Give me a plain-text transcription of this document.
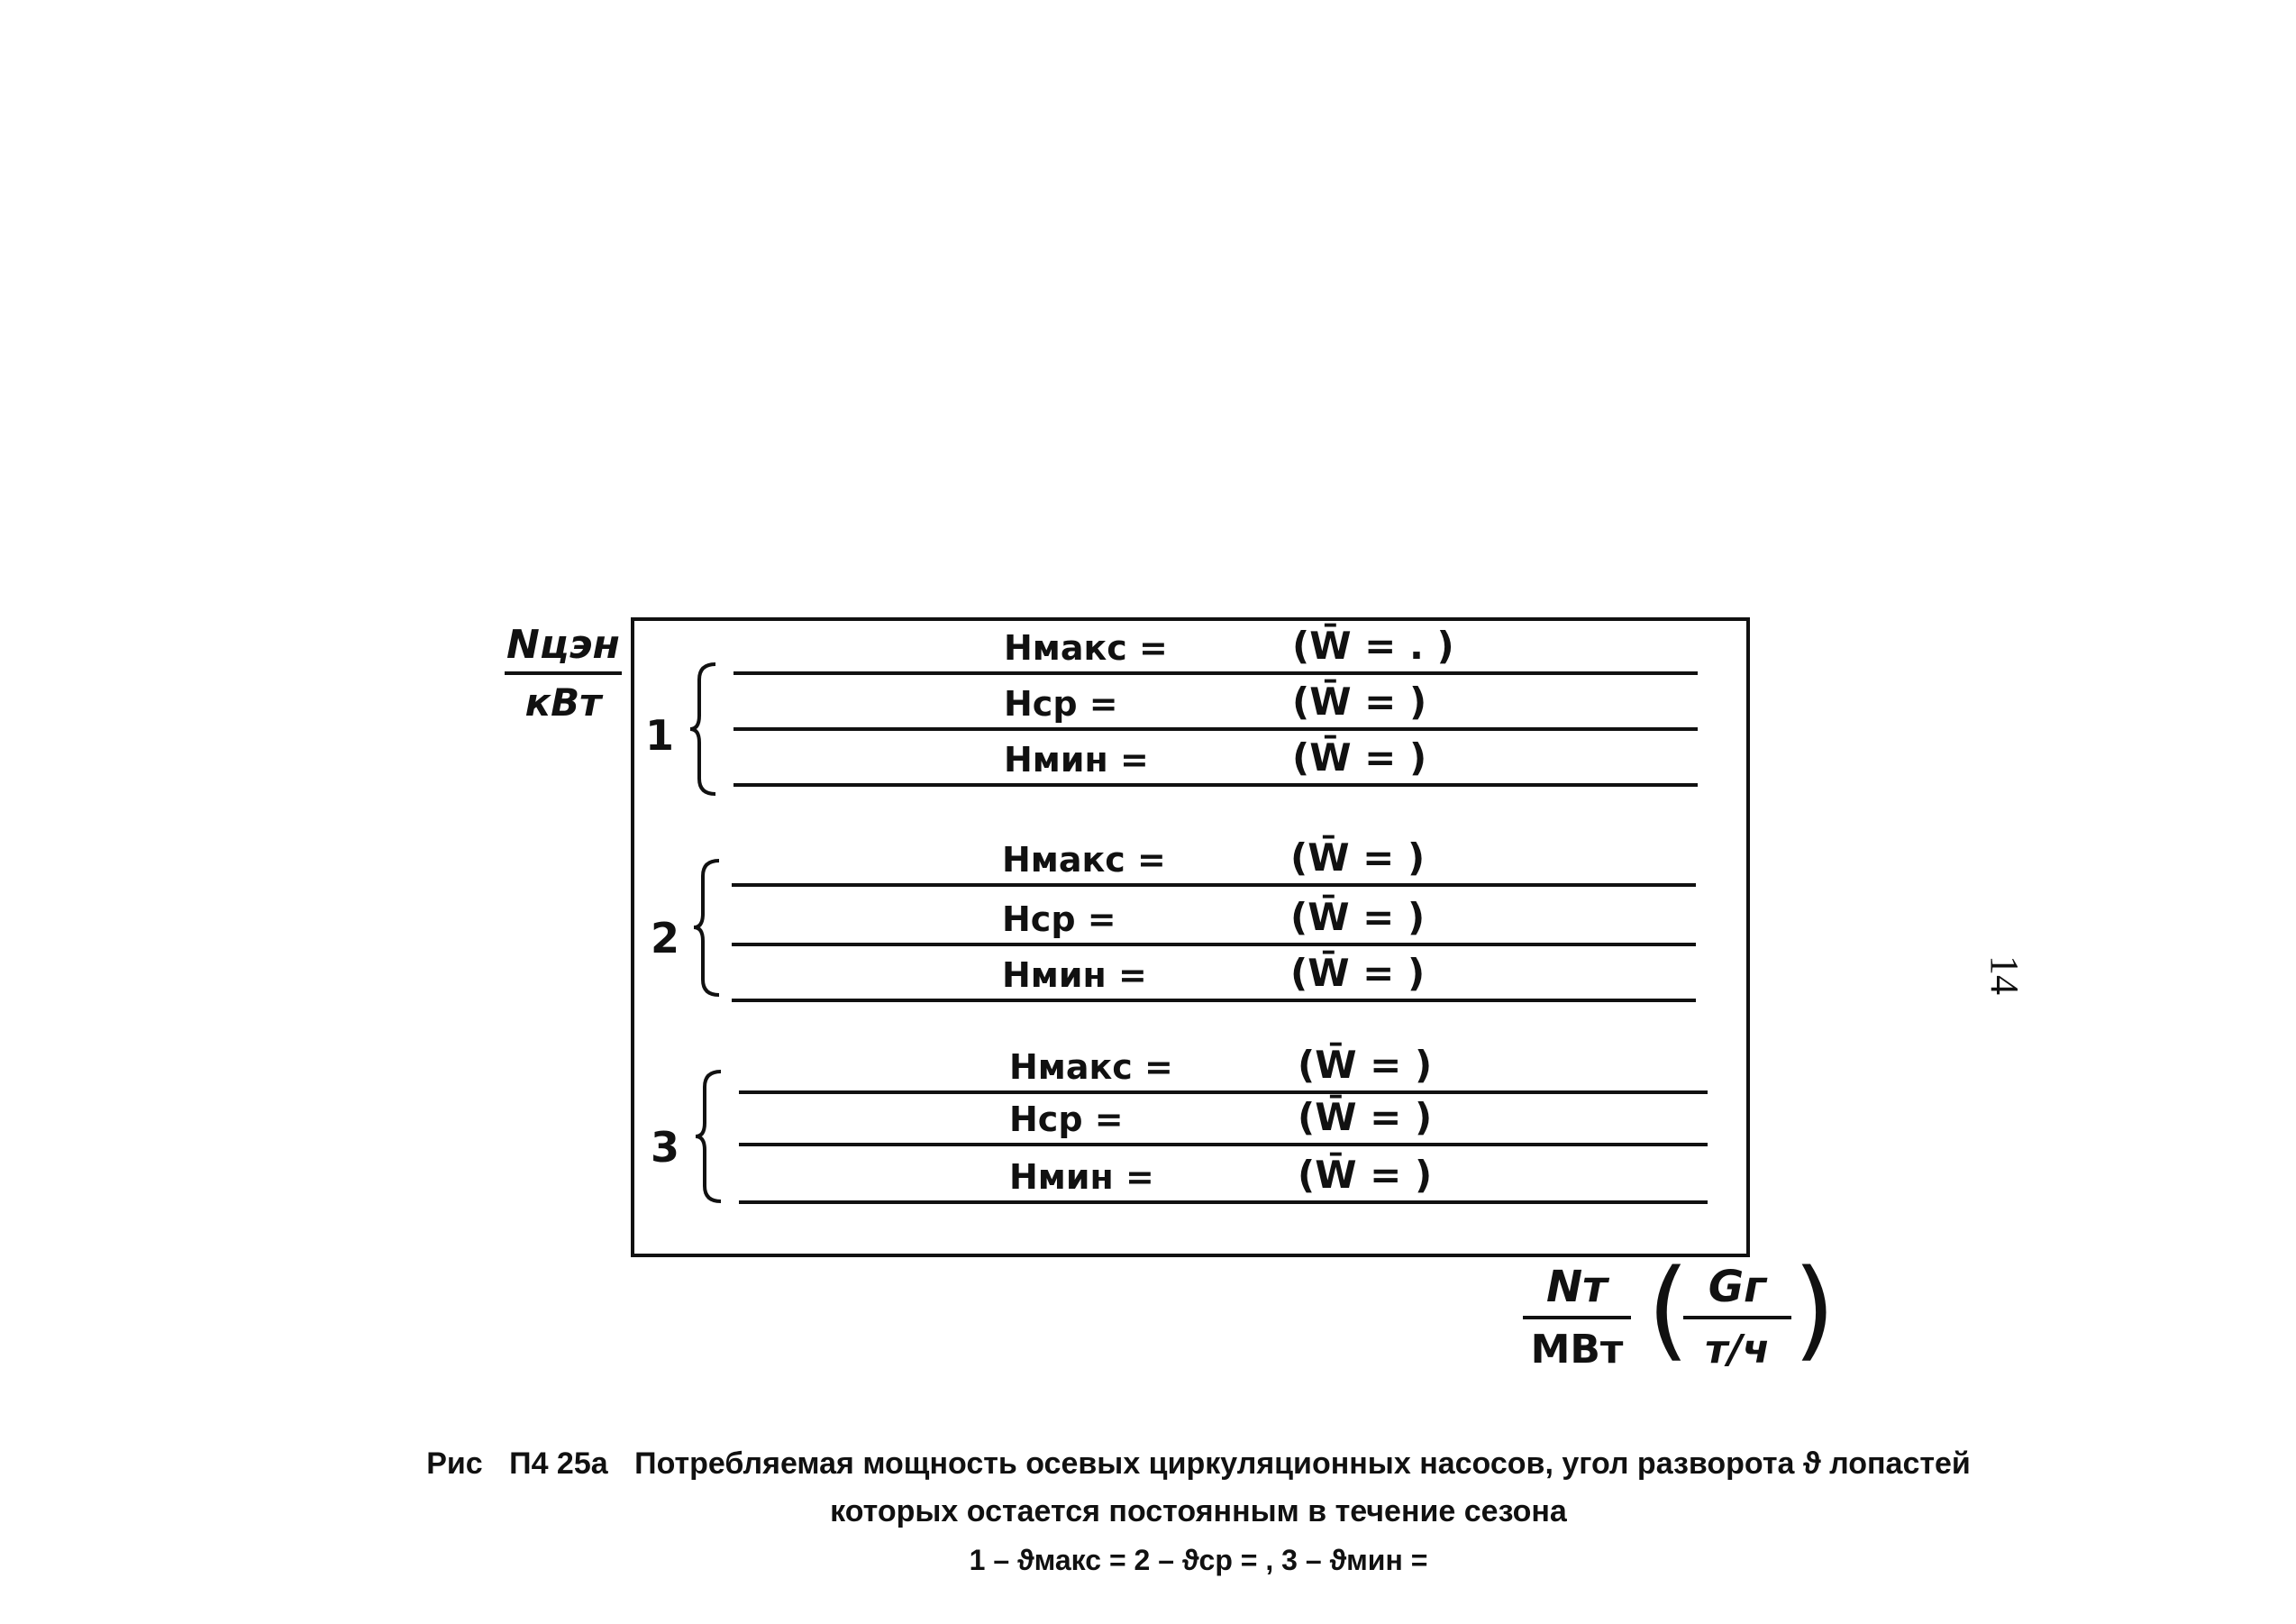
Nцэн
кВт
1
Hмакс =	(W̄ = . )
Hср =	(W̄ = )
Hмин =	(W̄ = )
2
Hмакс =	(W̄ = )
Hср =	(W̄ = )
Hмин =	(W̄ = )
3
Hмакс =	(W̄ = )
Hср =	(W̄ = )
Hмин =	(W̄ = )
Nт
МВт ( Gг
т/ч )
14
Рис П4 25а Потребляемая мощность осевых циркуляционных насосов, угол разворота ϑ лопастей
которых остается постоянным в течение сезона
1 – ϑмакс = 2 – ϑср = , 3 – ϑмин =
